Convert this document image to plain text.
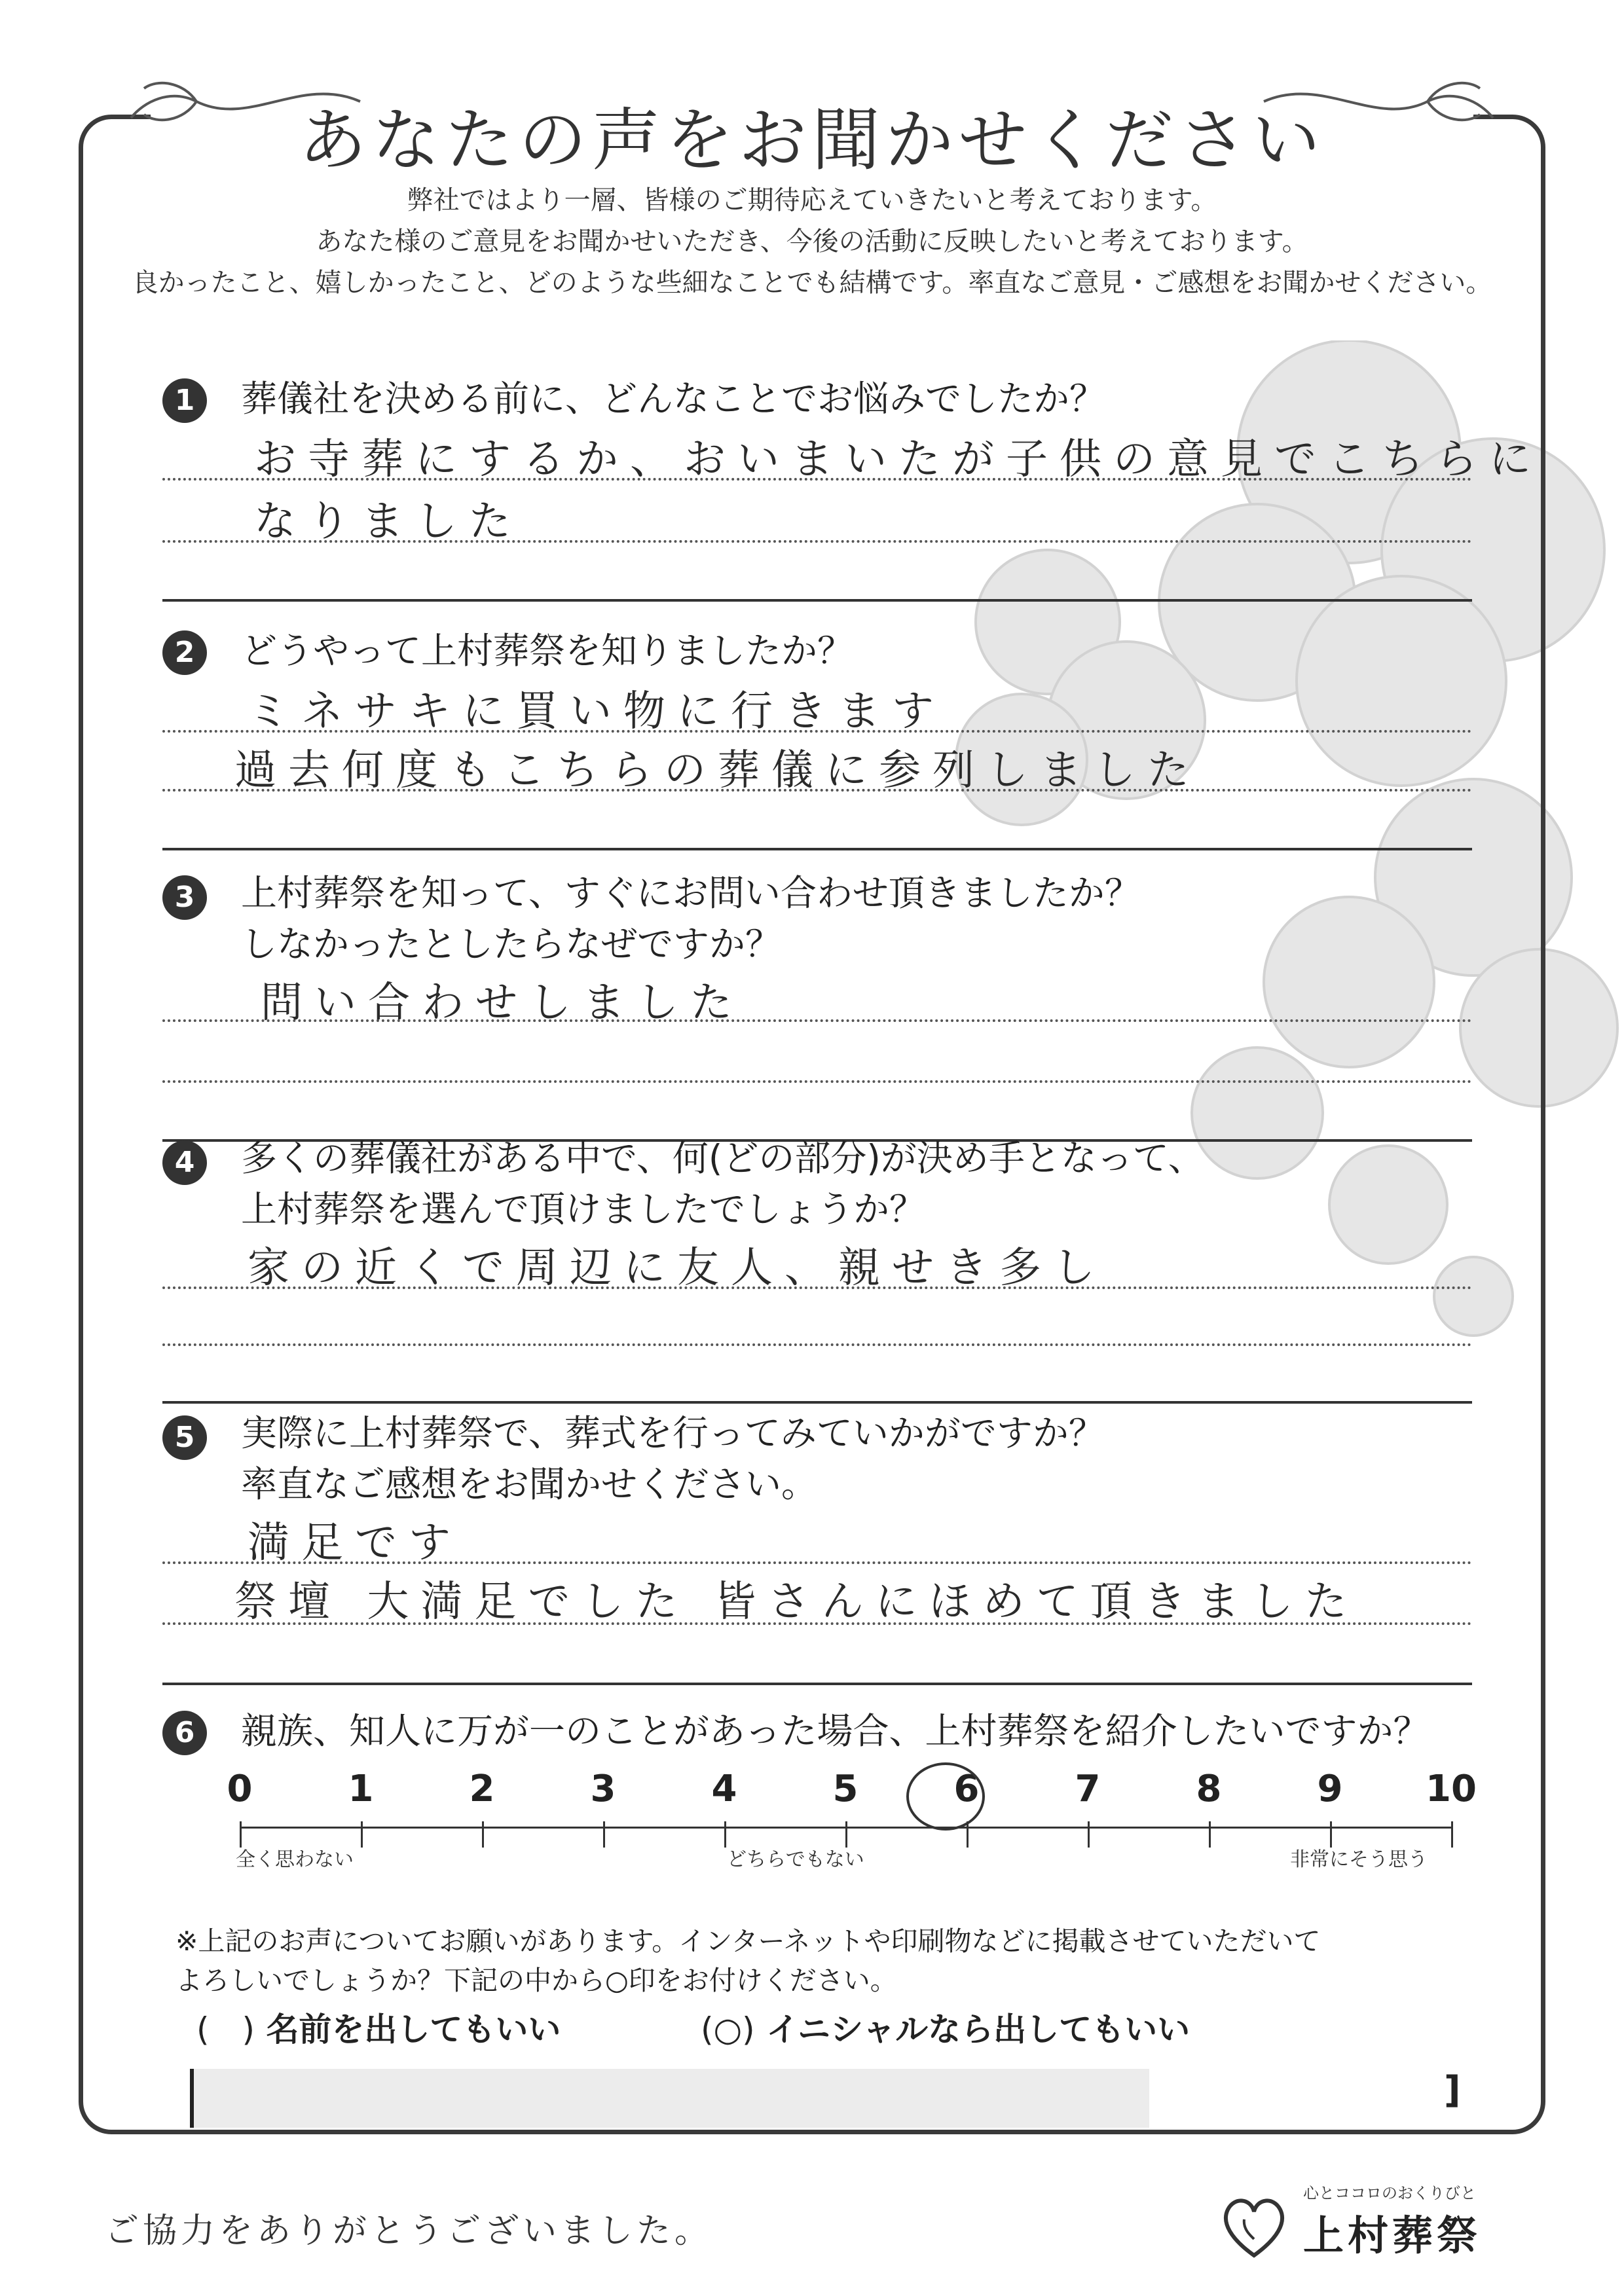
あなたの声をお聞かせください
弊社ではより一層、皆様のご期待応えていきたいと考えております。
あなた様のご意見をお聞かせいただき、今後の活動に反映したいと考えております。
良かったこと、嬉しかったこと、どのような些細なことでも結構です。率直なご意見・ご感想をお聞かせください。
1	葬儀社を決める前に、どんなことでお悩みでしたか？
お寺葬にするか、おいまいたが子供の意見でこちらに
なりました
2	どうやって上村葬祭を知りましたか？
ミネサキに買い物に行きます
過去何度もこちらの葬儀に参列しました
3	上村葬祭を知って、すぐにお問い合わせ頂きましたか？
しなかったとしたらなぜですか？
問い合わせしました
4	多くの葬儀社がある中で、何(どの部分)が決め手となって、
上村葬祭を選んで頂けましたでしょうか？
家の近くで周辺に友人、親せき多し
5	実際に上村葬祭で、葬式を行ってみていかがですか？
率直なご感想をお聞かせください。
満足です
祭壇 大満足でした 皆さんにほめて頂きました
6	親族、知人に万が一のことがあった場合、上村葬祭を紹介したいですか？
0	1	2	3	4	5	6	7	8	9	10
全く思わない	どちらでもない	非常にそう思う
※上記のお声についてお願いがあります。インターネットや印刷物などに掲載させていただいて
よろしいでしょうか？下記の中から○印をお付けください。
(　) 名前を出してもいい	(○) イニシャルなら出してもいい
]
ご協力をありがとうございました。
心とココロのおくりびと
上村葬祭
